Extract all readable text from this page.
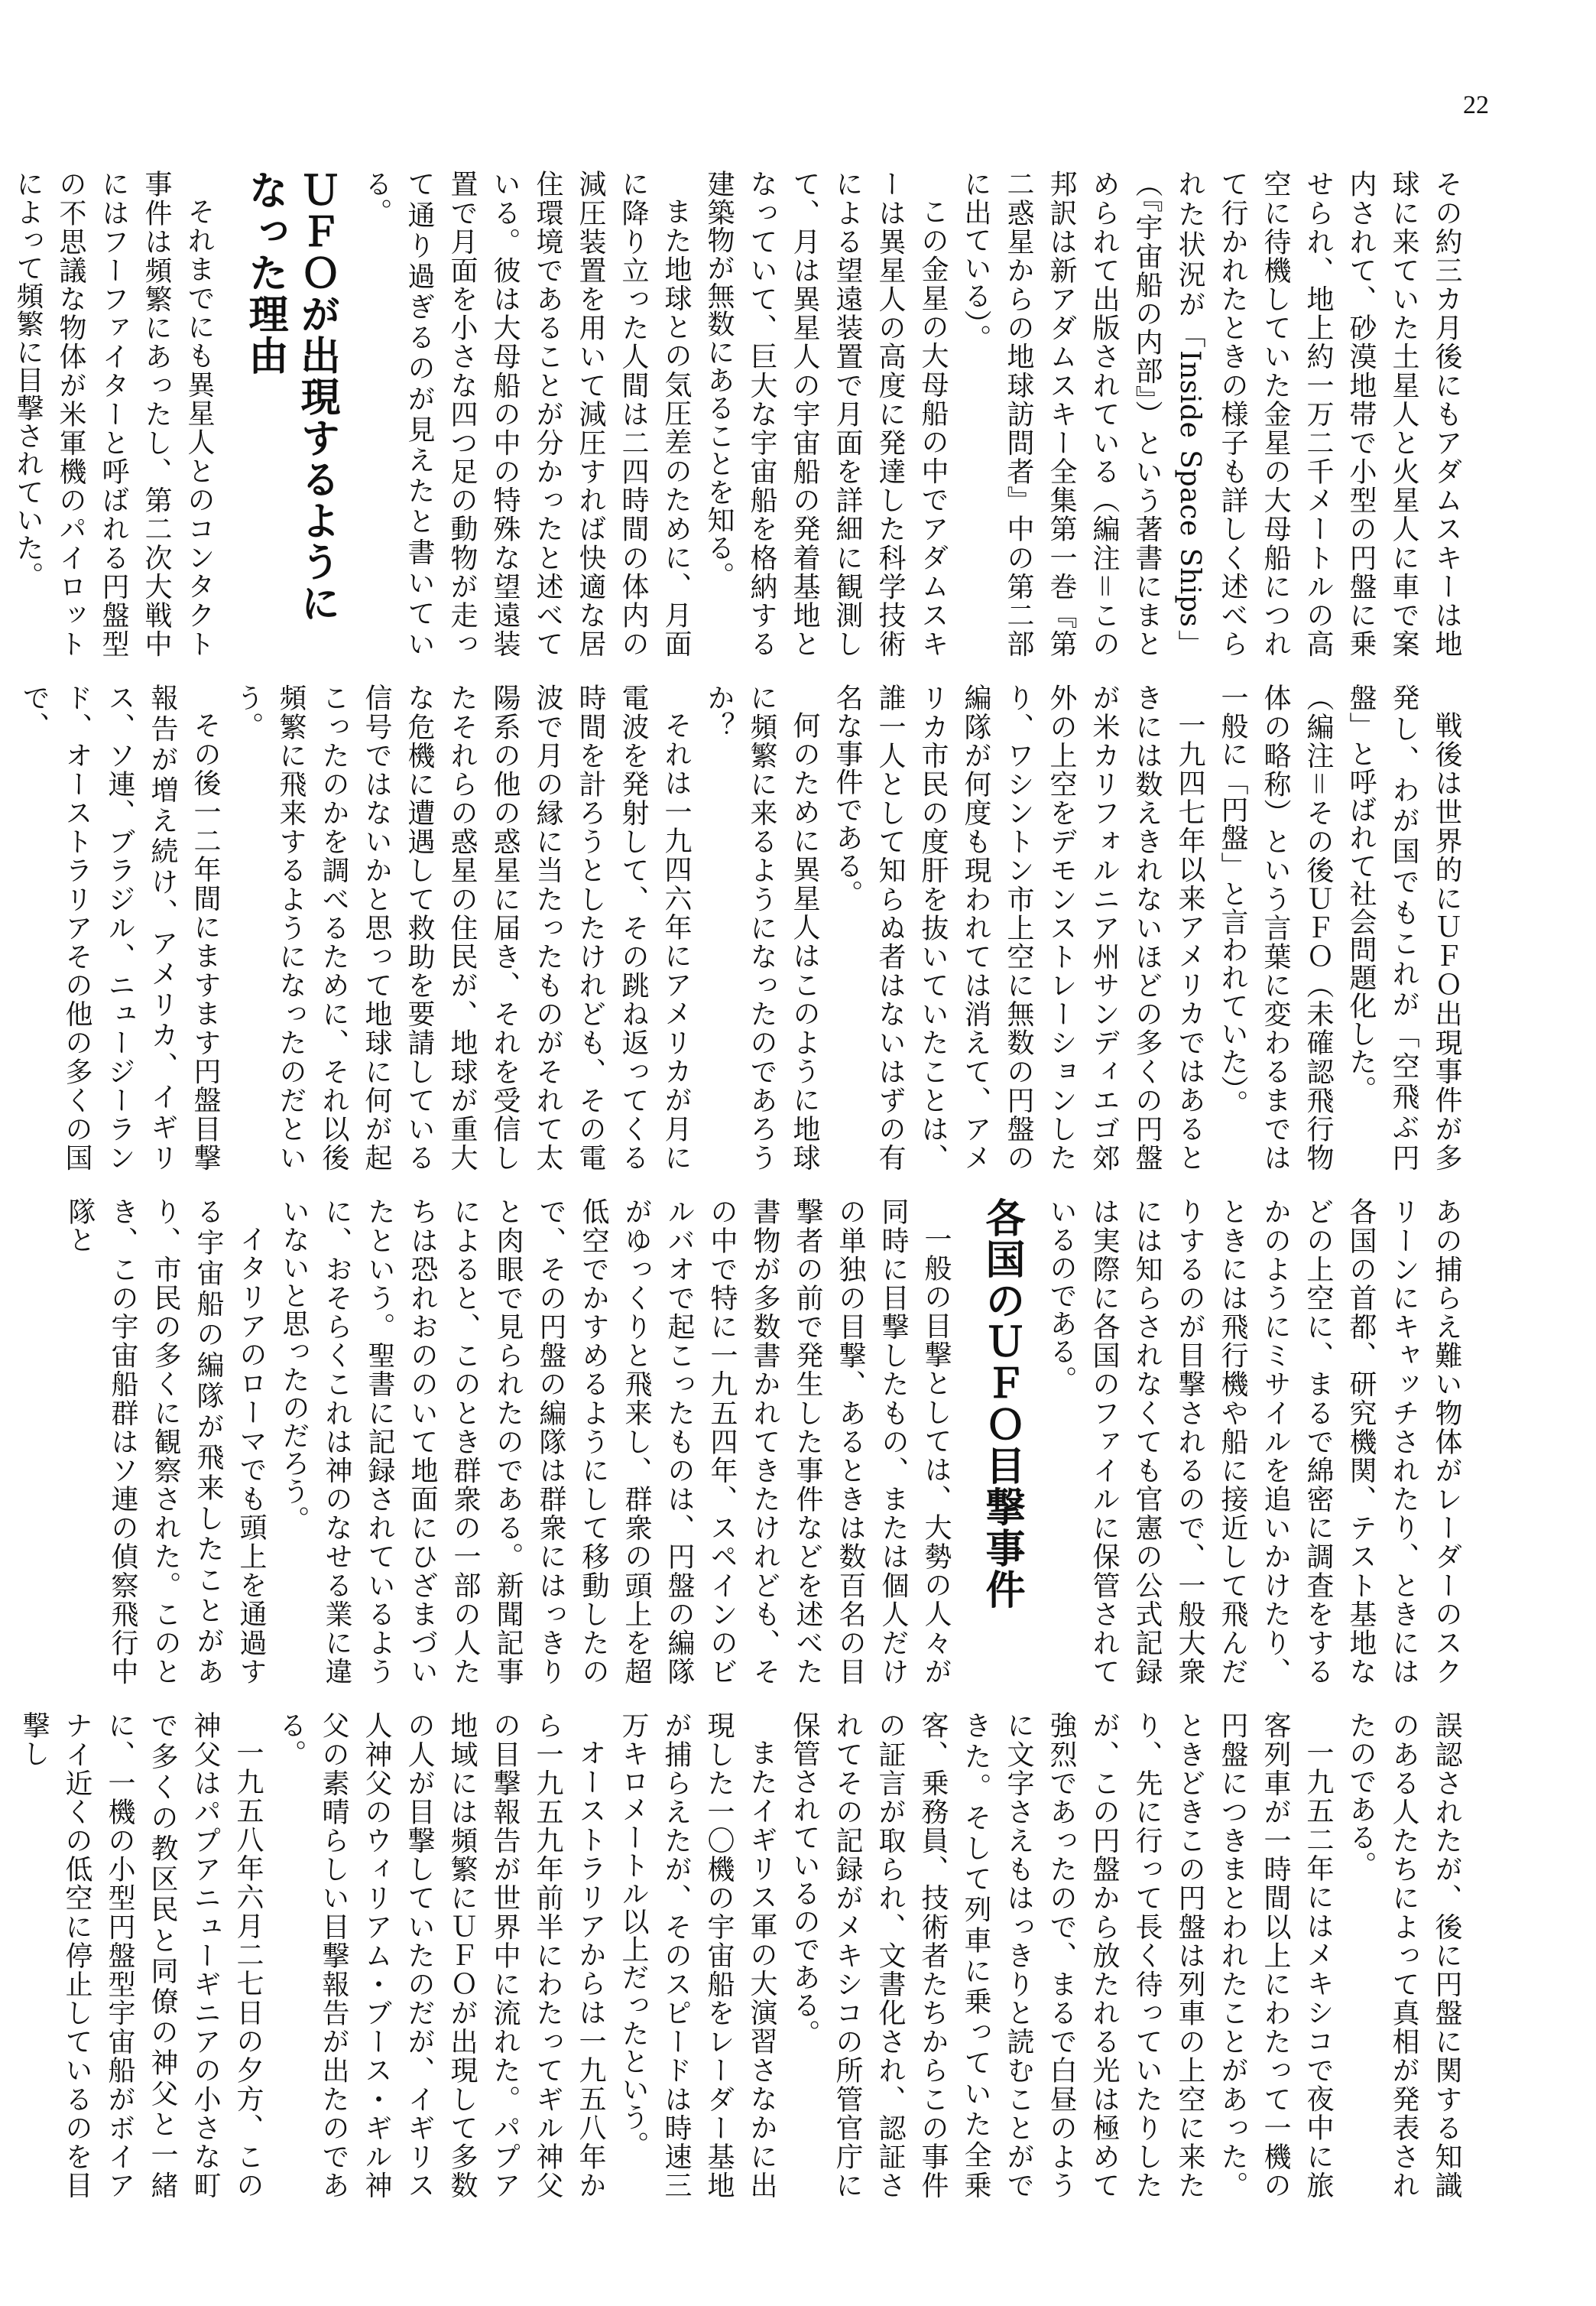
22

その約三カ月後にもアダムスキーは地球に来ていた土星人と火星人に車で案内されて、砂漠地帯で小型の円盤に乗せられ、地上約一万二千メートルの高空に待機していた金星の大母船につれて行かれたときの様子も詳しく述べられた状況が「Inside Space Ships」（『宇宙船の内部』）という著書にまとめられて出版されている（編注＝この邦訳は新アダムスキー全集第一巻『第二惑星からの地球訪問者』中の第二部に出ている）。

この金星の大母船の中でアダムスキーは異星人の高度に発達した科学技術による望遠装置で月面を詳細に観測して、月は異星人の宇宙船の発着基地となっていて、巨大な宇宙船を格納する建築物が無数にあることを知る。

また地球との気圧差のために、月面に降り立った人間は二四時間の体内の減圧装置を用いて減圧すれば快適な居住環境であることが分かったと述べている。彼は大母船の中の特殊な望遠装置で月面を小さな四つ足の動物が走って通り過ぎるのが見えたと書いている。

ＵＦＯが出現するようになった理由

それまでにも異星人とのコンタクト事件は頻繁にあったし、第二次大戦中にはフーファイターと呼ばれる円盤型の不思議な物体が米軍機のパイロットによって頻繁に目撃されていた。

戦後は世界的にＵＦＯ出現事件が多発し、わが国でもこれが「空飛ぶ円盤」と呼ばれて社会問題化した。

（編注＝その後ＵＦＯ（未確認飛行物体の略称）という言葉に変わるまでは一般に「円盤」と言われていた）。

一九四七年以来アメリカではあるときには数えきれないほどの多くの円盤が米カリフォルニア州サンディエゴ郊外の上空をデモンストレーションしたり、ワシントン市上空に無数の円盤の編隊が何度も現われては消えて、アメリカ市民の度肝を抜いていたことは、誰一人として知らぬ者はないはずの有名な事件である。

何のために異星人はこのように地球に頻繁に来るようになったのであろうか？

それは一九四六年にアメリカが月に電波を発射して、その跳ね返ってくる時間を計ろうとしたけれども、その電波で月の縁に当たったものがそれて太陽系の他の惑星に届き、それを受信したそれらの惑星の住民が、地球が重大な危機に遭遇して救助を要請している信号ではないかと思って地球に何が起こったのかを調べるために、それ以後頻繁に飛来するようになったのだという。

その後一二年間にますます円盤目撃報告が増え続け、アメリカ、イギリス、ソ連、ブラジル、ニュージーランド、オーストラリアその他の多くの国で、

あの捕らえ難い物体がレーダーのスクリーンにキャッチされたり、ときには各国の首都、研究機関、テスト基地などの上空に、まるで綿密に調査をするかのようにミサイルを追いかけたり、ときには飛行機や船に接近して飛んだりするのが目撃されるので、一般大衆には知らされなくても官憲の公式記録は実際に各国のファイルに保管されているのである。

各国のＵＦＯ目撃事件

一般の目撃としては、大勢の人々が同時に目撃したもの、または個人だけの単独の目撃、あるときは数百名の目撃者の前で発生した事件などを述べた書物が多数書かれてきたけれども、その中で特に一九五四年、スペインのビルバオで起こったものは、円盤の編隊がゆっくりと飛来し、群衆の頭上を超低空でかすめるようにして移動したので、その円盤の編隊は群衆にはっきりと肉眼で見られたのである。新聞記事によると、このとき群衆の一部の人たちは恐れおののいて地面にひざまづいたという。聖書に記録されているように、おそらくこれは神のなせる業に違いないと思ったのだろう。

イタリアのローマでも頭上を通過する宇宙船の編隊が飛来したことがあり、市民の多くに観察された。このとき、この宇宙船群はソ連の偵察飛行中隊と

誤認されたが、後に円盤に関する知識のある人たちによって真相が発表されたのである。

一九五二年にはメキシコで夜中に旅客列車が一時間以上にわたって一機の円盤につきまとわれたことがあった。ときどきこの円盤は列車の上空に来たり、先に行って長く待っていたりしたが、この円盤から放たれる光は極めて強烈であったので、まるで白昼のように文字さえもはっきりと読むことができた。そして列車に乗っていた全乗客、乗務員、技術者たちからこの事件の証言が取られ、文書化され、認証されてその記録がメキシコの所管官庁に保管されているのである。

またイギリス軍の大演習さなかに出現した一〇機の宇宙船をレーダー基地が捕らえたが、そのスピードは時速三万キロメートル以上だったという。

オーストラリアからは一九五八年から一九五九年前半にわたってギル神父の目撃報告が世界中に流れた。パプア地域には頻繁にＵＦＯが出現して多数の人が目撃していたのだが、イギリス人神父のウィリアム・ブース・ギル神父の素晴らしい目撃報告が出たのである。

一九五八年六月二七日の夕方、この神父はパプアニューギニアの小さな町で多くの教区民と同僚の神父と一緒に、一機の小型円盤型宇宙船がボイアナイ近くの低空に停止しているのを目撃し
